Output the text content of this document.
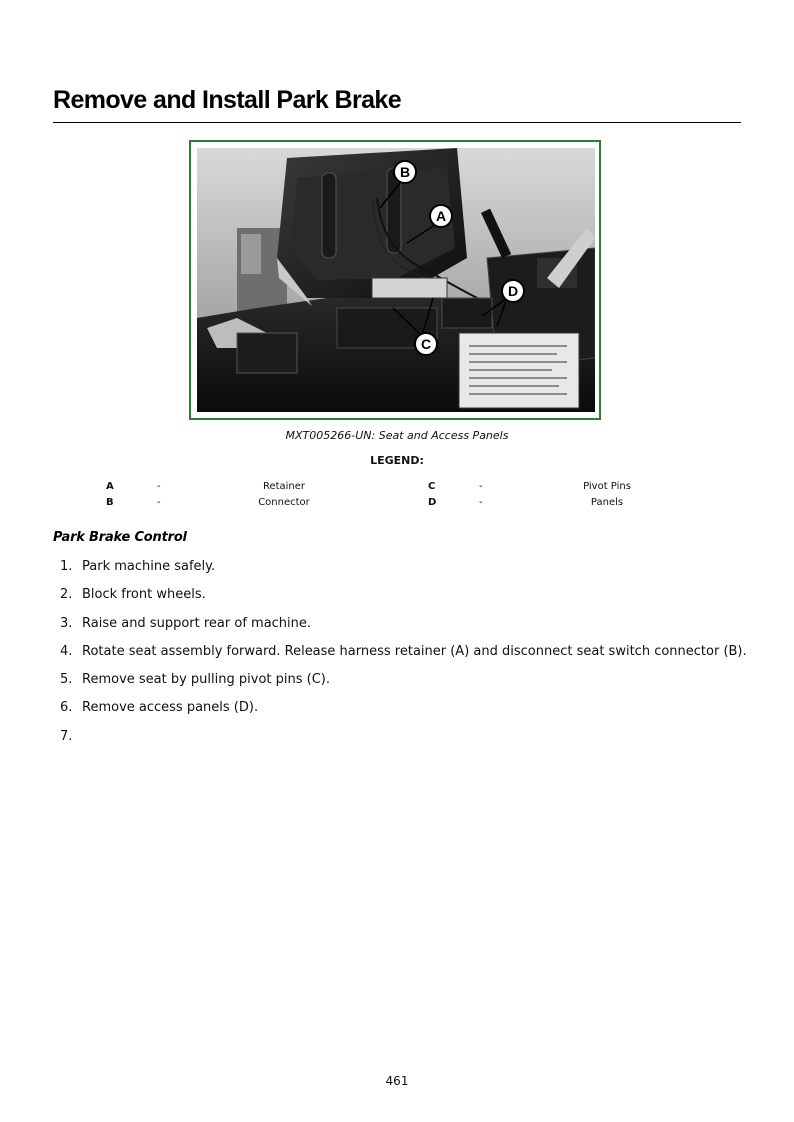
Remove and Install Park Brake
B
A
C
D
MXT005266-UN: Seat and Access Panels
LEGEND:
A	-	Retainer	C	-	Pivot Pins
B	-	Connector	D	-	Panels
Park Brake Control
1. Park machine safely.
2. Block front wheels.
3. Raise and support rear of machine.
4. Rotate seat assembly forward. Release harness retainer (A) and disconnect seat switch connector (B).
5. Remove seat by pulling pivot pins (C).
6. Remove access panels (D).
7.
461
